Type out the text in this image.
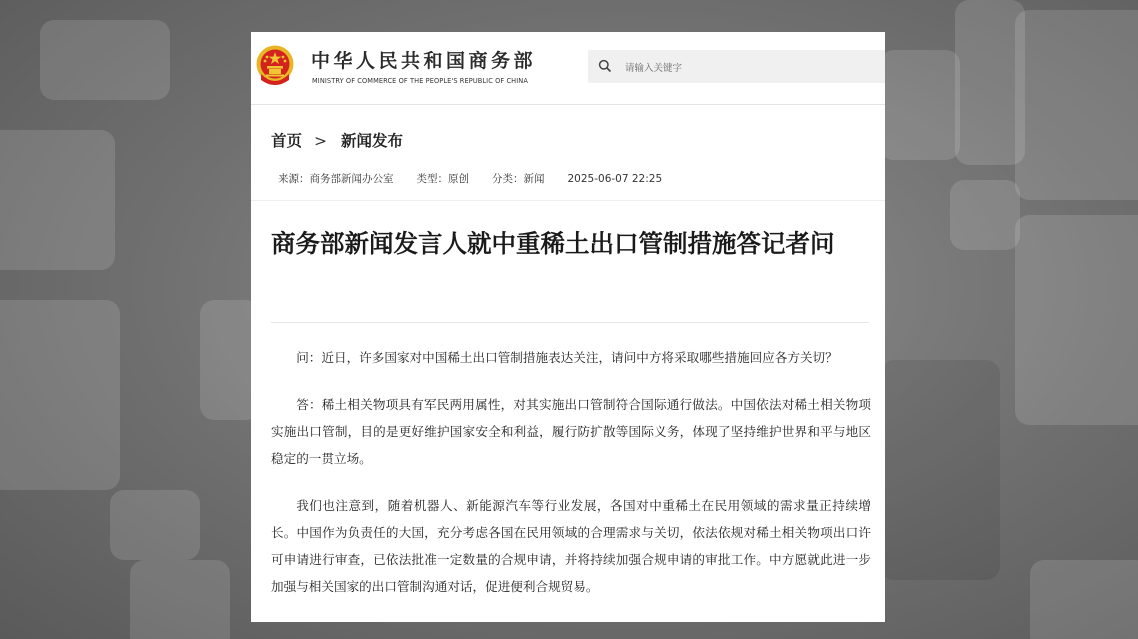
中华人民共和国商务部
MINISTRY OF COMMERCE OF THE PEOPLE'S REPUBLIC OF CHINA
请输入关键字
首页 > 新闻发布
来源：商务部新闻办公室 类型：原创 分类：新闻 2025-06-07 22:25
商务部新闻发言人就中重稀土出口管制措施答记者问

问：近日，许多国家对中国稀土出口管制措施表达关注，请问中方将采取哪些措施回应各方关切？

答：稀土相关物项具有军民两用属性，对其实施出口管制符合国际通行做法。中国依法对稀土相关物项实施出口管制，目的是更好维护国家安全和利益，履行防扩散等国际义务，体现了坚持维护世界和平与地区稳定的一贯立场。

我们也注意到，随着机器人、新能源汽车等行业发展，各国对中重稀土在民用领域的需求量正持续增长。中国作为负责任的大国，充分考虑各国在民用领域的合理需求与关切，依法依规对稀土相关物项出口许可申请进行审查，已依法批准一定数量的合规申请，并将持续加强合规申请的审批工作。中方愿就此进一步加强与相关国家的出口管制沟通对话，促进便利合规贸易。
